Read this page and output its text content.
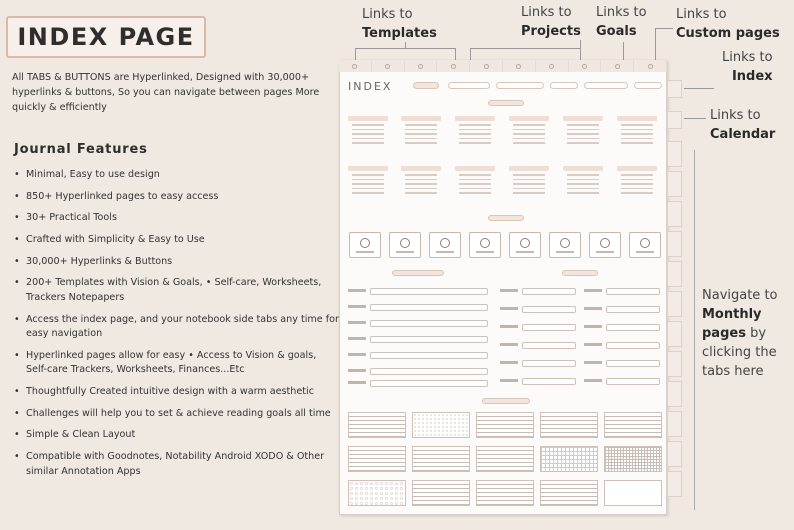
INDEX PAGE
All TABS & BUTTONS are Hyperlinked, Designed with 30,000+ hyperlinks & buttons, So you can navigate between pages More quickly & efficiently
Journal Features
• Minimal, Easy to use design
• 850+ Hyperlinked pages to easy access
• 30+ Practical Tools
• Crafted with Simplicity & Easy to Use
• 30,000+ Hyperlinks & Buttons
• 200+ Templates with Vision & Goals, • Self-care, Worksheets, Trackers Notepapers
• Access the index page, and your notebook side tabs any time for easy navigation
• Hyperlinked pages allow for easy • Access to Vision & goals, Self-care Trackers, Worksheets, Finances...Etc
• Thoughtfully Created intuitive design with a warm aesthetic
• Challenges will help you to set & achieve reading goals all time
• Simple & Clean Layout
• Compatible with Goodnotes, Notability Android XODO & Other similar Annotation Apps
Links to
Templates
Links to
Projects
Links to
Goals
Links to
Custom pages
Links to
Index
Links to
Calendar
Navigate to
Monthly pages by clicking the tabs here
INDEX
